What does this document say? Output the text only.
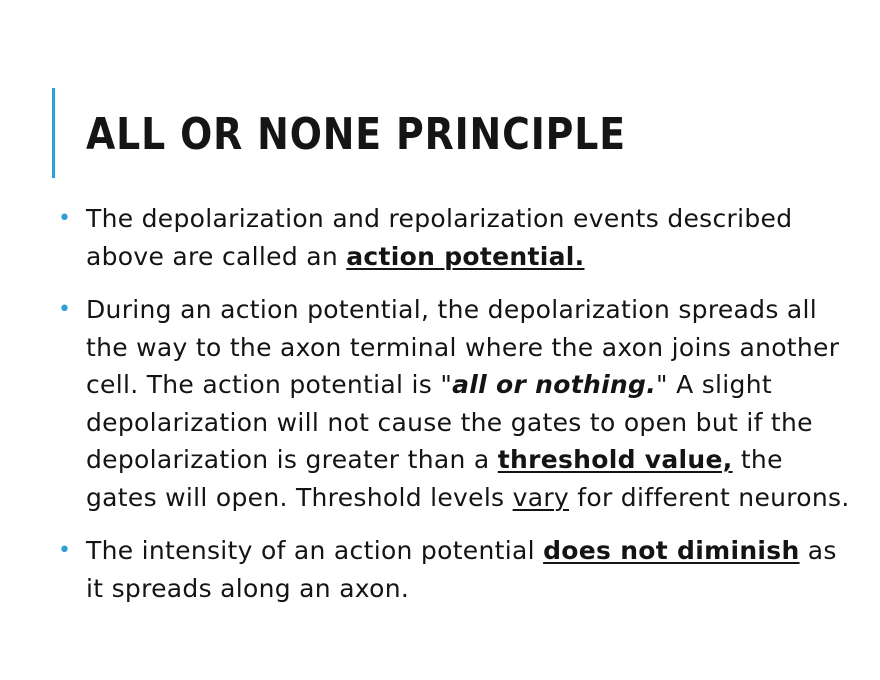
ALL OR NONE PRINCIPLE
• The depolarization and repolarization events described above are called an action potential.
• During an action potential, the depolarization spreads all the way to the axon terminal where the axon joins another cell. The action potential is "all or nothing." A slight depolarization will not cause the gates to open but if the depolarization is greater than a threshold value, the gates will open. Threshold levels vary for different neurons.
• The intensity of an action potential does not diminish as it spreads along an axon.
